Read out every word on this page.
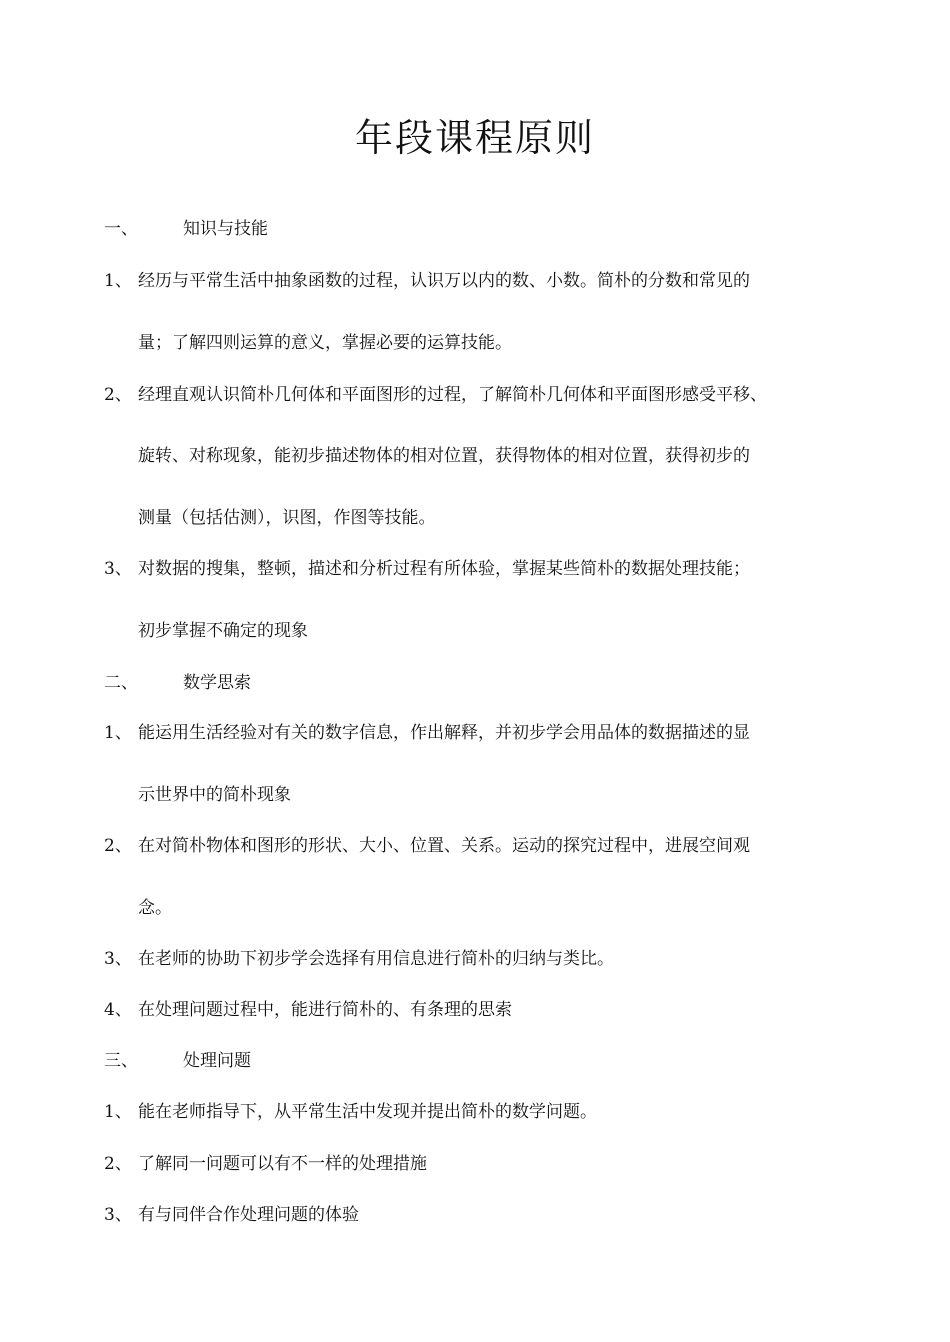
年段课程原则
一、	知识与技能
1、 经历与平常生活中抽象函数的过程，认识万以内的数、小数。简朴的分数和常见的
量；了解四则运算的意义，掌握必要的运算技能。
2、 经理直观认识简朴几何体和平面图形的过程，了解简朴几何体和平面图形感受平移、
旋转、对称现象，能初步描述物体的相对位置，获得物体的相对位置，获得初步的
测量（包括估测），识图，作图等技能。
3、 对数据的搜集，整顿，描述和分析过程有所体验，掌握某些简朴的数据处理技能；
初步掌握不确定的现象
二、	数学思索
1、 能运用生活经验对有关的数字信息，作出解释，并初步学会用品体的数据描述的显
示世界中的简朴现象
2、 在对简朴物体和图形的形状、大小、位置、关系。运动的探究过程中，进展空间观
念。
3、 在老师的协助下初步学会选择有用信息进行简朴的归纳与类比。
4、 在处理问题过程中，能进行简朴的、有条理的思索
三、	处理问题
1、 能在老师指导下，从平常生活中发现并提出简朴的数学问题。
2、 了解同一问题可以有不一样的处理措施
3、 有与同伴合作处理问题的体验
